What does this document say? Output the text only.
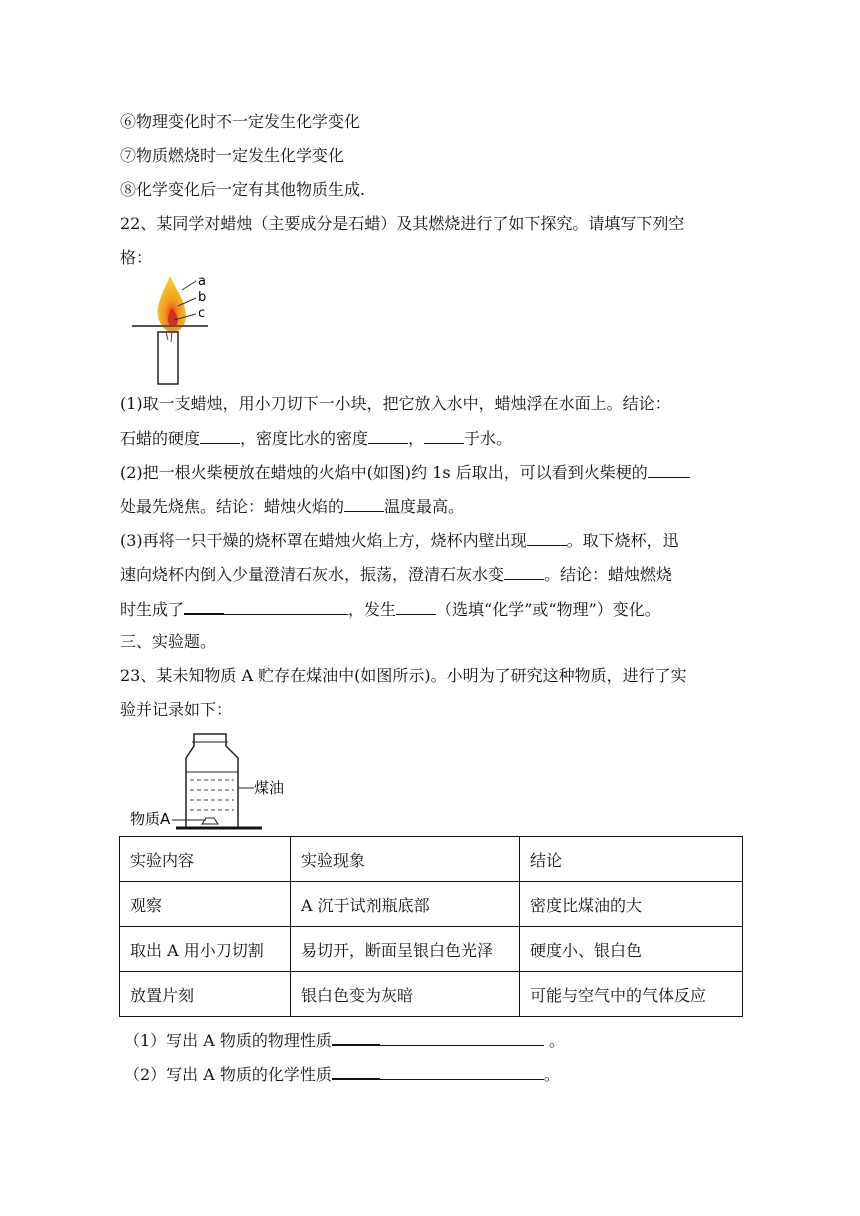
⑥物理变化时不一定发生化学变化
⑦物质燃烧时一定发生化学变化
⑧化学变化后一定有其他物质生成.
22、某同学对蜡烛（主要成分是石蜡）及其燃烧进行了如下探究。请填写下列空
格：
a
b
c
(1)取一支蜡烛，用小刀切下一小块，把它放入水中，蜡烛浮在水面上。结论：
石蜡的硬度	，密度比水的密度	，	于水。
(2)把一根火柴梗放在蜡烛的火焰中(如图)约 1s 后取出，可以看到火柴梗的
处最先烧焦。结论：蜡烛火焰的	温度最高。
(3)再将一只干燥的烧杯罩在蜡烛火焰上方，烧杯内壁出现	。取下烧杯，迅
速向烧杯内倒入少量澄清石灰水，振荡，澄清石灰水变	。结论：蜡烛燃烧
时生成了	，发生	（选填“化学”或“物理”）变化。
三、实验题。
23、某未知物质 A 贮存在煤油中(如图所示)。小明为了研究这种物质，进行了实
验并记录如下：
煤油
物质A
实验内容	实验现象	结论
观察	A 沉于试剂瓶底部	密度比煤油的大
取出 A 用小刀切割	易切开，断面呈银白色光泽	硬度小、银白色
放置片刻	银白色变为灰暗	可能与空气中的气体反应
（1）写出 A 物质的物理性质	。
（2）写出 A 物质的化学性质	。
